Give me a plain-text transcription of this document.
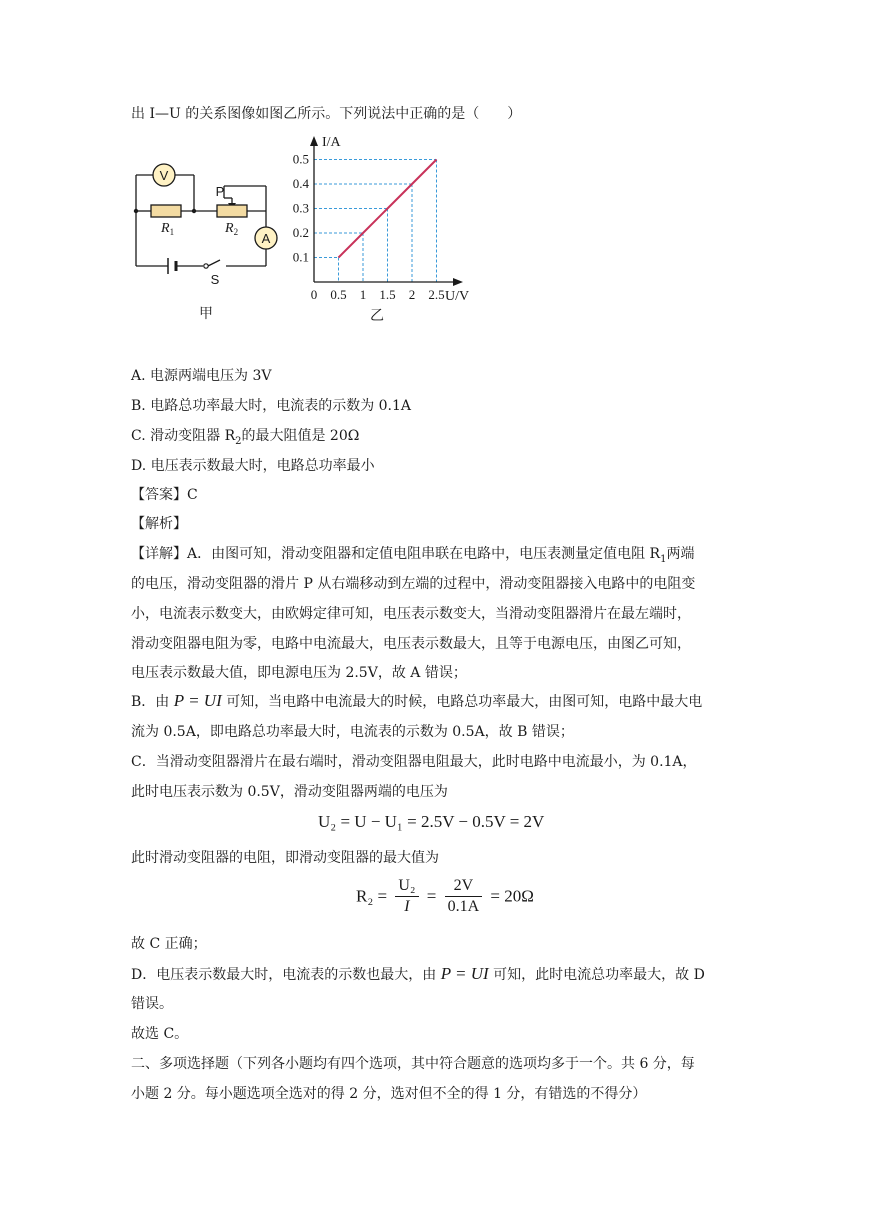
出 I—U 的关系图像如图乙所示。下列说法中正确的是（　　）
V
A
P
$R_1$	$R_2$
S
甲
0.5 1 1.5 2 2.5
0.1
0.2
0.3
0.4
0.5
I/A
U/V
0
乙
A. 电源两端电压为 3V
B. 电路总功率最大时，电流表的示数为 0.1A
C. 滑动变阻器 $R_2$的最大阻值是 20Ω
D. 电压表示数最大时，电路总功率最小
【答案】C
【解析】
【详解】A．由图可知，滑动变阻器和定值电阻串联在电路中，电压表测量定值电阻 $R_1$两端
的电压，滑动变阻器的滑片 P 从右端移动到左端的过程中，滑动变阻器接入电路中的电阻变
小，电流表示数变大，由欧姆定律可知，电压表示数变大，当滑动变阻器滑片在最左端时，
滑动变阻器电阻为零，电路中电流最大，电压表示数最大，且等于电源电压，由图乙可知，
电压表示数最大值，即电源电压为 2.5V，故 A 错误；
B．由 P = UI 可知，当电路中电流最大的时候，电路总功率最大，由图可知，电路中最大电
流为 0.5A，即电路总功率最大时，电流表的示数为 0.5A，故 B 错误；
C．当滑动变阻器滑片在最右端时，滑动变阻器电阻最大，此时电路中电流最小，为 0.1A，
此时电压表示数为 0.5V，滑动变阻器两端的电压为
U₂ = U − U₁ = 2.5V − 0.5V = 2V
此时滑动变阻器的电阻，即滑动变阻器的最大值为
$R_2 = \frac{\text{U₂}}{I} = \frac{2V}{0.1A} = 20\Omega$
故 C 正确；
D．电压表示数最大时，电流表的示数也最大，由 P = UI 可知，此时电流总功率最大，故 D
错误。
故选 C。
二、多项选择题（下列各小题均有四个选项，其中符合题意的选项均多于一个。共 6 分，每
小题 2 分。每小题选项全选对的得 2 分，选对但不全的得 1 分，有错选的不得分）
